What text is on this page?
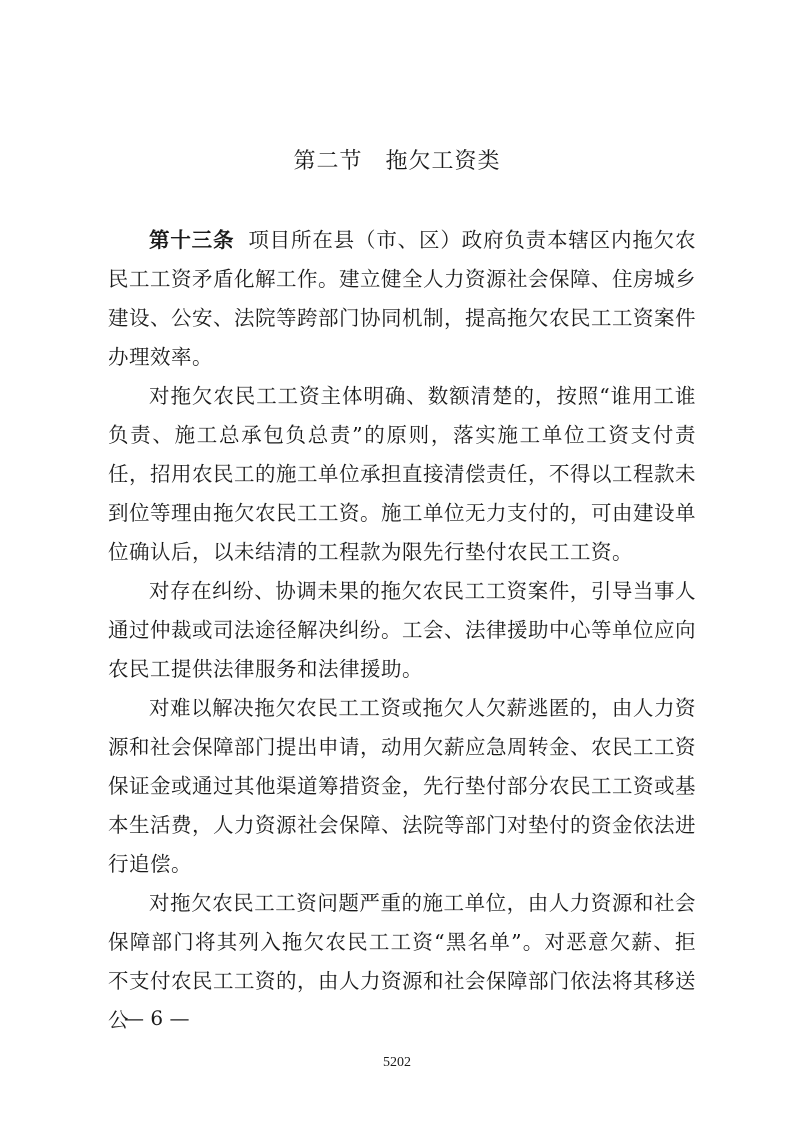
第二节　拖欠工资类

第十三条 项目所在县（市、区）政府负责本辖区内拖欠农民工工资矛盾化解工作。建立健全人力资源社会保障、住房城乡建设、公安、法院等跨部门协同机制，提高拖欠农民工工资案件办理效率。

对拖欠农民工工资主体明确、数额清楚的，按照“谁用工谁负责、施工总承包负总责”的原则，落实施工单位工资支付责任，招用农民工的施工单位承担直接清偿责任，不得以工程款未到位等理由拖欠农民工工资。施工单位无力支付的，可由建设单位确认后，以未结清的工程款为限先行垫付农民工工资。

对存在纠纷、协调未果的拖欠农民工工资案件，引导当事人通过仲裁或司法途径解决纠纷。工会、法律援助中心等单位应向农民工提供法律服务和法律援助。

对难以解决拖欠农民工工资或拖欠人欠薪逃匿的，由人力资源和社会保障部门提出申请，动用欠薪应急周转金、农民工工资保证金或通过其他渠道筹措资金，先行垫付部分农民工工资或基本生活费，人力资源社会保障、法院等部门对垫付的资金依法进行追偿。

对拖欠农民工工资问题严重的施工单位，由人力资源和社会保障部门将其列入拖欠农民工工资“黑名单”。对恶意欠薪、拒不支付农民工工资的，由人力资源和社会保障部门依法将其移送公

— 6 —
5202
